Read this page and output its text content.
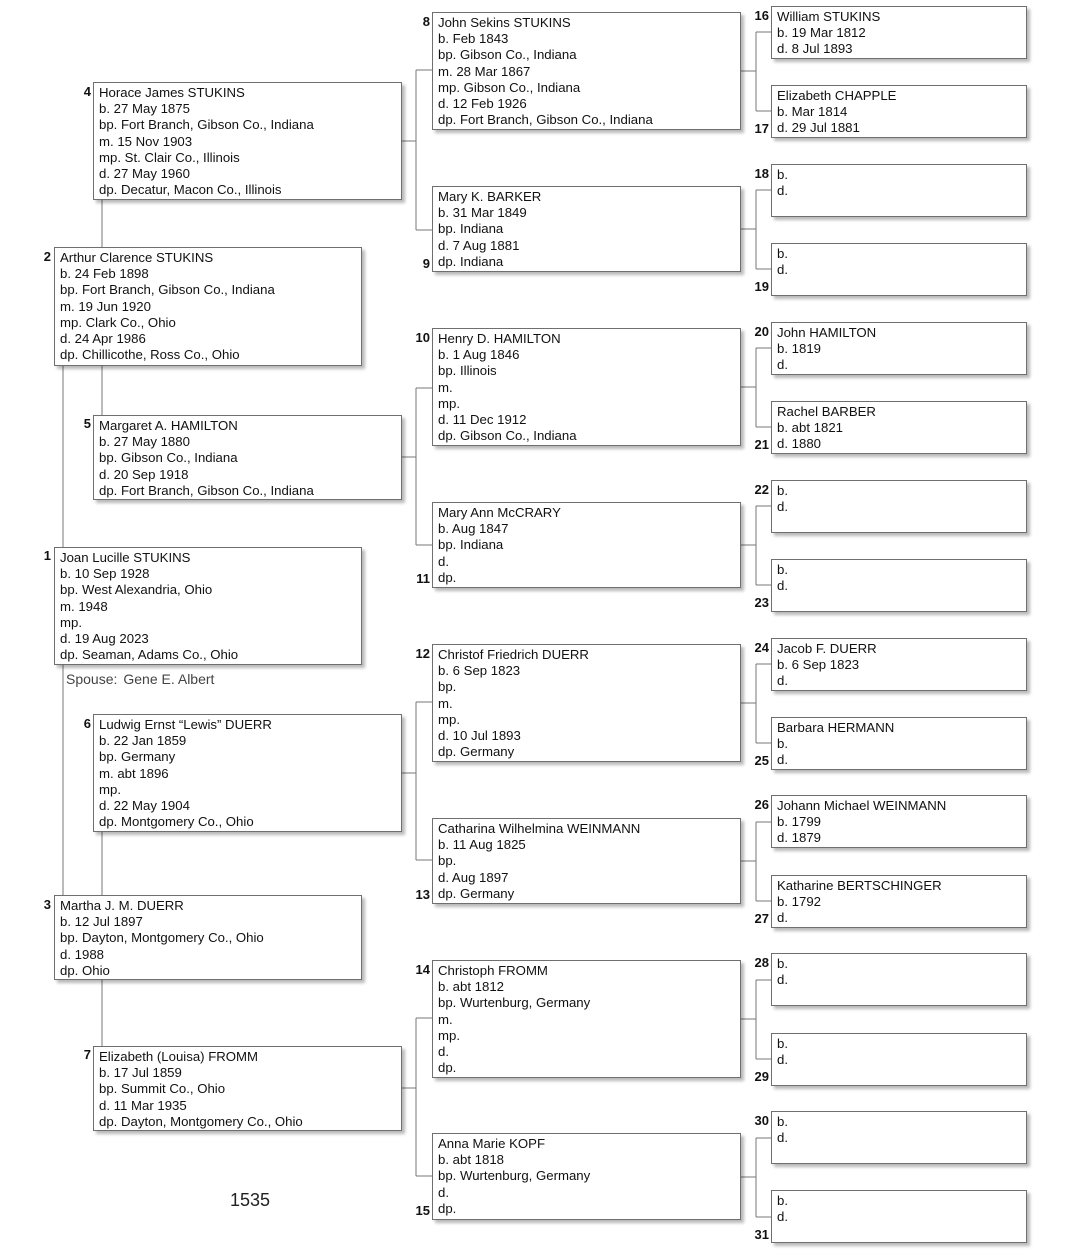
1 Joan Lucille STUKINS
b. 10 Sep 1928
bp. West Alexandria, Ohio
m. 1948
mp.
d. 19 Aug 2023
dp. Seaman, Adams Co., Ohio
Spouse: Gene E. Albert
2 Arthur Clarence STUKINS
b. 24 Feb 1898
bp. Fort Branch, Gibson Co., Indiana
m. 19 Jun 1920
mp. Clark Co., Ohio
d. 24 Apr 1986
dp. Chillicothe, Ross Co., Ohio
3 Martha J. M. DUERR
b. 12 Jul 1897
bp. Dayton, Montgomery Co., Ohio
d. 1988
dp. Ohio
4 Horace James STUKINS
b. 27 May 1875
bp. Fort Branch, Gibson Co., Indiana
m. 15 Nov 1903
mp. St. Clair Co., Illinois
d. 27 May 1960
dp. Decatur, Macon Co., Illinois
5 Margaret A. HAMILTON
b. 27 May 1880
bp. Gibson Co., Indiana
d. 20 Sep 1918
dp. Fort Branch, Gibson Co., Indiana
6 Ludwig Ernst “Lewis” DUERR
b. 22 Jan 1859
bp. Germany
m. abt 1896
mp.
d. 22 May 1904
dp. Montgomery Co., Ohio
7 Elizabeth (Louisa) FROMM
b. 17 Jul 1859
bp. Summit Co., Ohio
d. 11 Mar 1935
dp. Dayton, Montgomery Co., Ohio
8 John Sekins STUKINS
b. Feb 1843
bp. Gibson Co., Indiana
m. 28 Mar 1867
mp. Gibson Co., Indiana
d. 12 Feb 1926
dp. Fort Branch, Gibson Co., Indiana
9
Mary K. BARKER
b. 31 Mar 1849
bp. Indiana
d. 7 Aug 1881
dp. Indiana
10 Henry D. HAMILTON
b. 1 Aug 1846
bp. Illinois
m.
mp.
d. 11 Dec 1912
dp. Gibson Co., Indiana
11
Mary Ann McCRARY
b. Aug 1847
bp. Indiana
d.
dp.
12 Christof Friedrich DUERR
b. 6 Sep 1823
bp.
m.
mp.
d. 10 Jul 1893
dp. Germany
13
Catharina Wilhelmina WEINMANN
b. 11 Aug 1825
bp.
d. Aug 1897
dp. Germany
14 Christoph FROMM
b. abt 1812
bp. Wurtenburg, Germany
m.
mp.
d.
dp.
15
Anna Marie KOPF
b. abt 1818
bp. Wurtenburg, Germany
d.
dp.
16 William STUKINS
b. 19 Mar 1812
d. 8 Jul 1893
17
Elizabeth CHAPPLE
b. Mar 1814
d. 29 Jul 1881
18 b.
d.
19
b.
d.
20 John HAMILTON
b. 1819
d.
21
Rachel BARBER
b. abt 1821
d. 1880
22 b.
d.
23
b.
d.
24 Jacob F. DUERR
b. 6 Sep 1823
d.
25
Barbara HERMANN
b.
d.
26 Johann Michael WEINMANN
b. 1799
d. 1879
27
Katharine BERTSCHINGER
b. 1792
d.
28 b.
d.
29
b.
d.
30 b.
d.
31
b.
d.
1535
